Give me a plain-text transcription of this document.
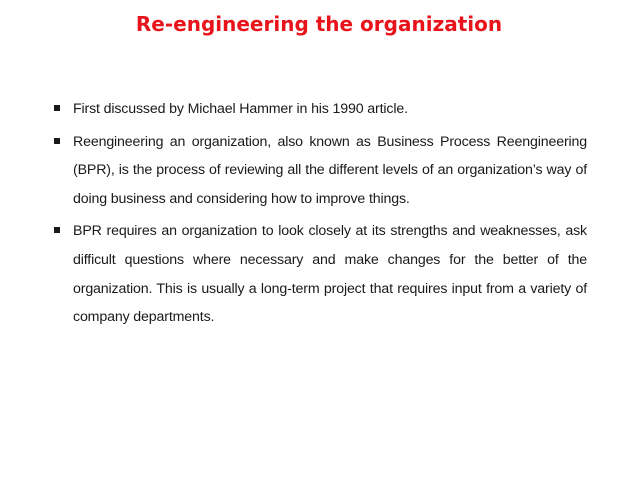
Re-engineering the organization
First discussed by Michael Hammer in his 1990 article.
Reengineering an organization, also known as Business Process Reengineering (BPR), is the process of reviewing all the different levels of an organization’s way of doing business and considering how to improve things.
BPR requires an organization to look closely at its strengths and weaknesses, ask difficult questions where necessary and make changes for the better of the organization. This is usually a long-term project that requires input from a variety of company departments.
